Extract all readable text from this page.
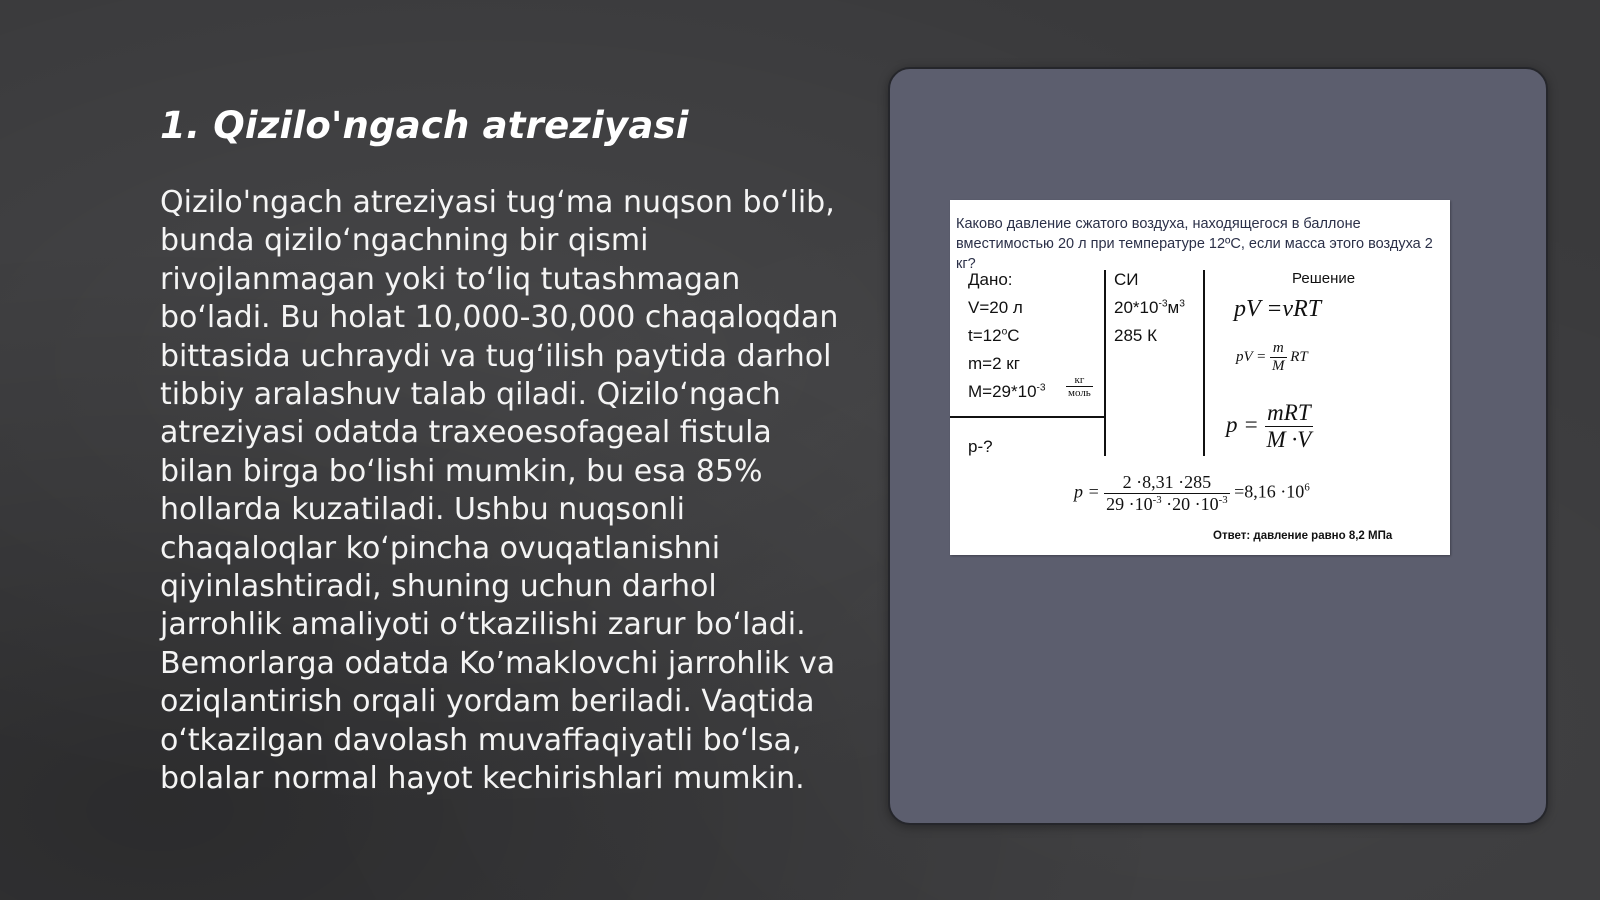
1. Qizilo'ngach atreziyasi
Qizilo'ngach atreziyasi tug‘ma nuqson bo‘lib, bunda qizilo‘ngachning bir qismi rivojlanmagan yoki to‘liq tutashmagan bo‘ladi. Bu holat 10,000-30,000 chaqaloqdan bittasida uchraydi va tug‘ilish paytida darhol tibbiy aralashuv talab qiladi. Qizilo‘ngach atreziyasi odatda traxeoesofageal fistula bilan birga bo‘lishi mumkin, bu esa 85% hollarda kuzatiladi. Ushbu nuqsonli chaqaloqlar ko‘pincha ovuqatlanishni qiyinlashtiradi, shuning uchun darhol jarrohlik amaliyoti o‘tkazilishi zarur bo‘ladi. Bemorlarga odatda Ko’maklovchi jarrohlik va oziqlantirish orqali yordam beriladi. Vaqtida o‘tkazilgan davolash muvaffaqiyatli bo‘lsa, bolalar normal hayot kechirishlari mumkin.
Каково давление сжатого воздуха, находящегося в баллоне вместимостью 20 л при температуре 12ºС, если масса этого воздуха 2 кг?
Дано:
V=20 л
$t=12^oС$
m=2 кг
$M=29*10^{-3} \frac{кг}{\text{моль}}$
p-?
СИ
$20*10^{-3}м^3$
285 К
Решение
pV =νRT
pV = $\frac{m}{M}$ RT
$p = \frac{\text{mRT}}{M \cdot V}$
$p = \frac{2 \cdot 8,31 \cdot 285}{29 \cdot 10^{-3} \cdot 20 \cdot 10^{-3}} =8,16 \cdot 10^6$
Ответ: давление равно 8,2 МПа
